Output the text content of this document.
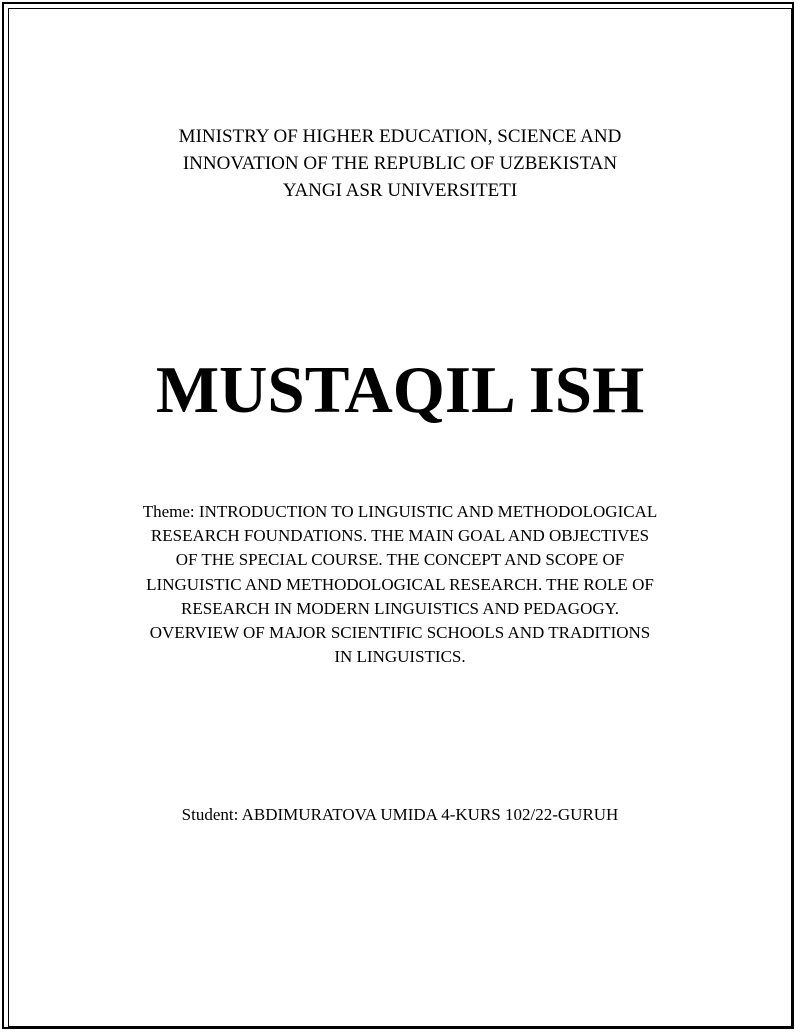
MINISTRY OF HIGHER EDUCATION, SCIENCE AND
INNOVATION OF THE REPUBLIC OF UZBEKISTAN
YANGI ASR UNIVERSITETI
MUSTAQIL ISH
Theme: INTRODUCTION TO LINGUISTIC AND METHODOLOGICAL
RESEARCH FOUNDATIONS. THE MAIN GOAL AND OBJECTIVES
OF THE SPECIAL COURSE. THE CONCEPT AND SCOPE OF
LINGUISTIC AND METHODOLOGICAL RESEARCH. THE ROLE OF
RESEARCH IN MODERN LINGUISTICS AND PEDAGOGY.
OVERVIEW OF MAJOR SCIENTIFIC SCHOOLS AND TRADITIONS
IN LINGUISTICS.
Student: ABDIMURATOVA UMIDA 4-KURS 102/22-GURUH
